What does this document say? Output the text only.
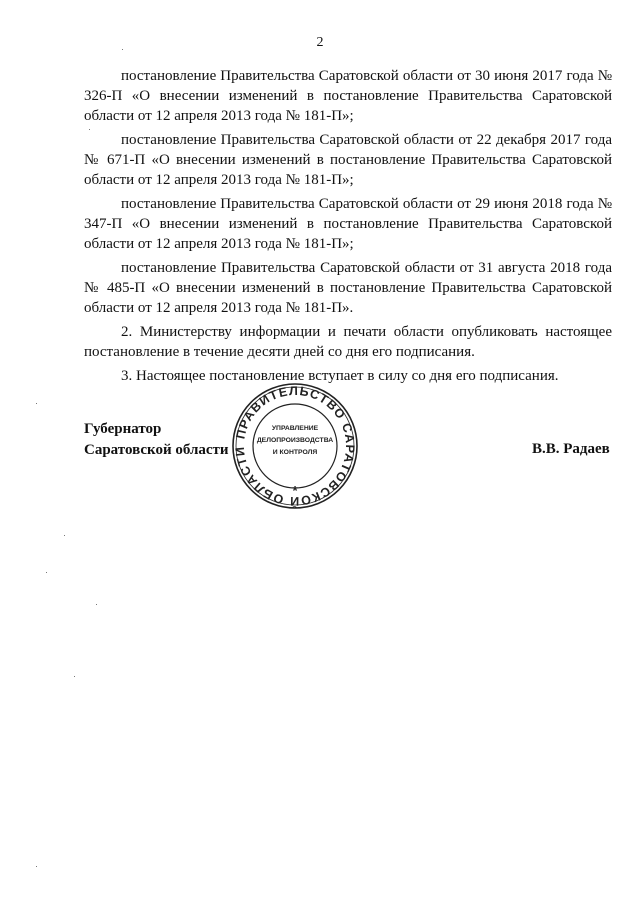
2

постановление Правительства Саратовской области от 30 июня 2017 года № 326-П «О внесении изменений в постановление Правительства Саратовской области от 12 апреля 2013 года № 181-П»;

постановление Правительства Саратовской области от 22 декабря 2017 года № 671-П «О внесении изменений в постановление Правительства Саратовской области от 12 апреля 2013 года № 181-П»;

постановление Правительства Саратовской области от 29 июня 2018 года № 347-П «О внесении изменений в постановление Правительства Саратовской области от 12 апреля 2013 года № 181-П»;

постановление Правительства Саратовской области от 31 августа 2018 года № 485-П «О внесении изменений в постановление Правительства Саратовской области от 12 апреля 2013 года № 181-П».

2. Министерству информации и печати области опубликовать настоящее постановление в течение десяти дней со дня его подписания.

3. Настоящее постановление вступает в силу со дня его подписания.

ПРАВИТЕЛЬСТВО САРАТОВСКОЙ ОБЛАСТИ
УПРАВЛЕНИЕ
ДЕЛОПРОИЗВОДСТВА
И КОНТРОЛЯ
*
Губернатор
Саратовской области	В.В. Радаев
